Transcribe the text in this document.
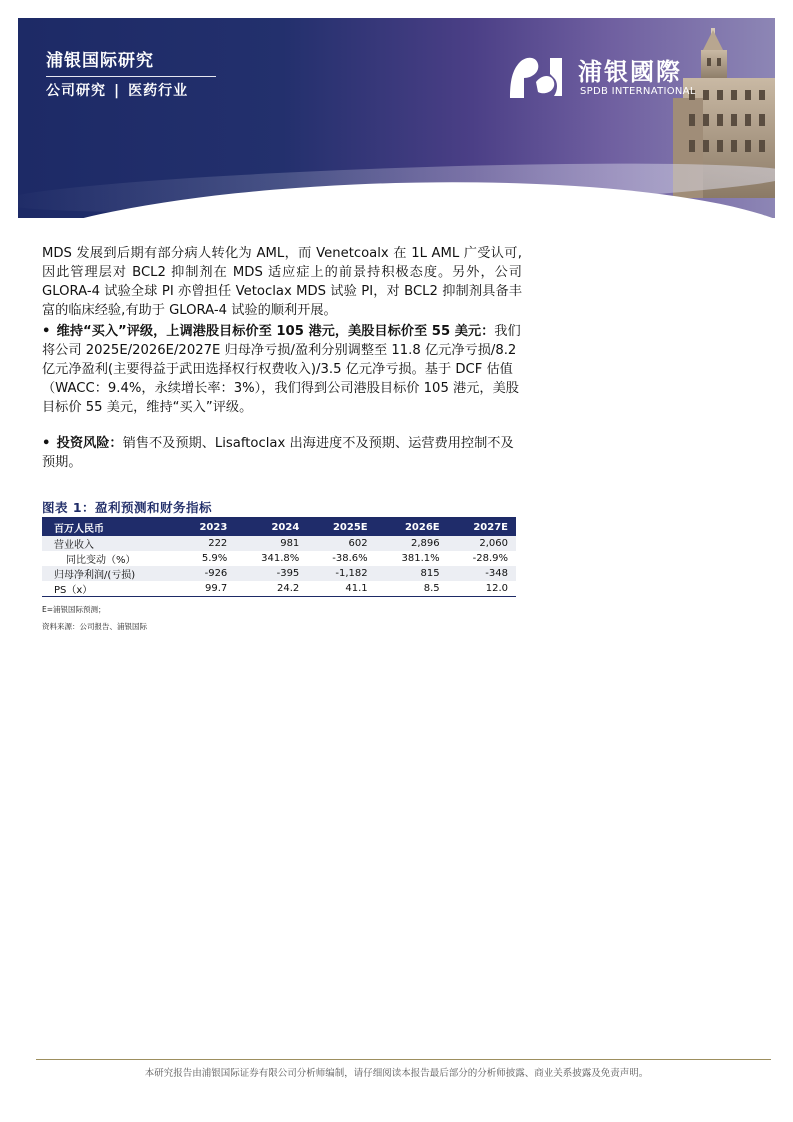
浦银国际研究
公司研究 | 医药行业
浦银國際
SPDB INTERNATIONAL
MDS 发展到后期有部分病人转化为 AML，而 Venetcoalx 在 1L AML 广受认可,因此管理层对 BCL2 抑制剂在 MDS 适应症上的前景持积极态度。另外，公司 GLORA-4 试验全球 PI 亦曾担任 Vetoclax MDS 试验 PI，对 BCL2 抑制剂具备丰富的临床经验,有助于 GLORA-4 试验的顺利开展。
• 维持“买入”评级，上调港股目标价至 105 港元，美股目标价至 55 美元：我们将公司 2025E/2026E/2027E 归母净亏损/盈利分别调整至 11.8 亿元净亏损/8.2 亿元净盈利(主要得益于武田选择权行权费收入)/3.5 亿元净亏损。基于 DCF 估值（WACC：9.4%，永续增长率：3%），我们得到公司港股目标价 105 港元，美股目标价 55 美元，维持“买入”评级。
• 投资风险：销售不及预期、Lisaftoclax 出海进度不及预期、运营费用控制不及预期。
图表 1：盈利预测和财务指标
百万人民币	2023	2024	2025E	2026E	2027E
营业收入	222	981	602	2,896	2,060
同比变动（%）	5.9%	341.8%	-38.6%	381.1%	-28.9%
归母净利润/(亏损)	-926	-395	-1,182	815	-348
PS（x）	99.7	24.2	41.1	8.5	12.0
E=浦银国际预测；
资料来源：公司报告、浦银国际
本研究报告由浦银国际证券有限公司分析师编制，请仔细阅读本报告最后部分的分析师披露、商业关系披露及免责声明。
